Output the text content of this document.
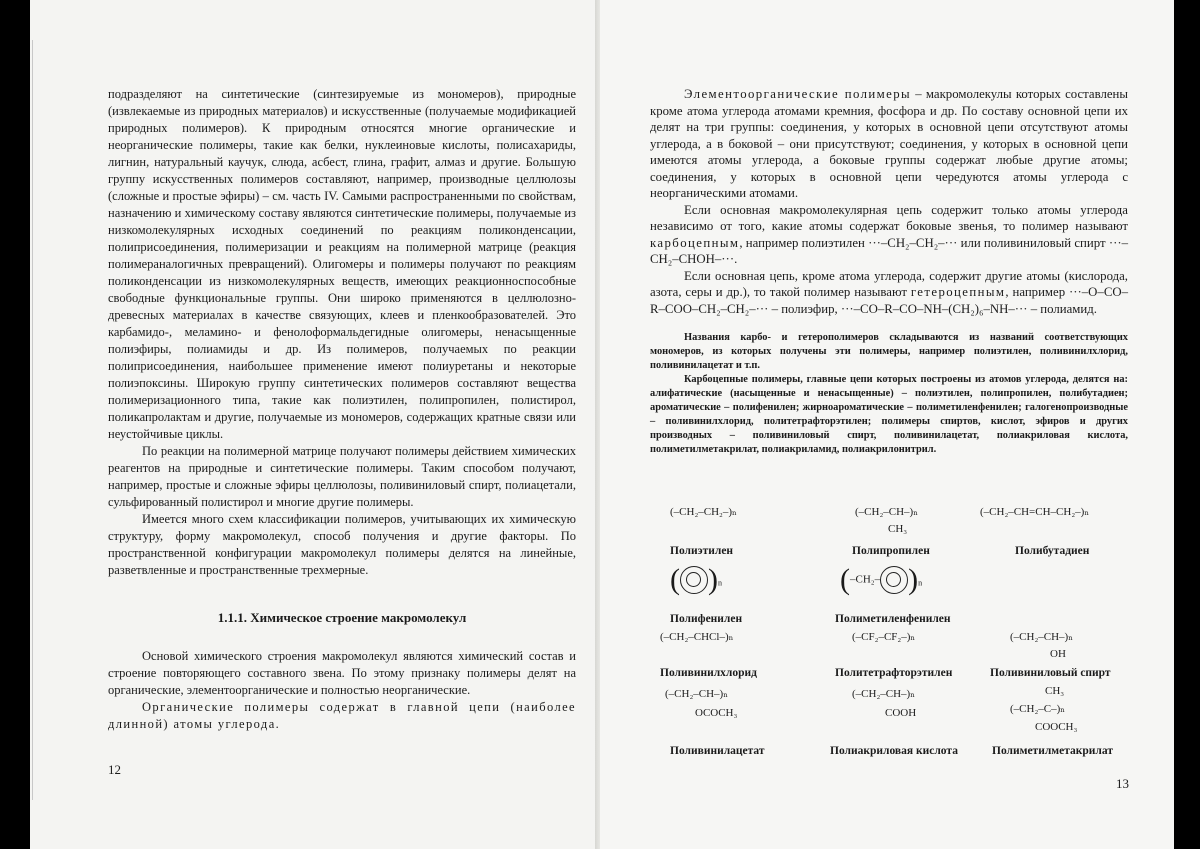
подразделяют на синтетические (синтезируемые из мономеров), природные (извлекаемые из природных материалов) и искусственные (получаемые модификацией природных полимеров). К природным относятся многие органические и неорганические полимеры, такие как белки, нуклеиновые кислоты, полисахариды, лигнин, натуральный каучук, слюда, асбест, глина, графит, алмаз и другие. Большую группу искусственных полимеров составляют, например, производные целлюлозы (сложные и простые эфиры) – см. часть IV. Самыми распространенными по свойствам, назначению и химическому составу являются синтетические полимеры, получаемые из низкомолекулярных исходных соединений по реакциям поликонденсации, полиприсоединения, полимеризации и реакциям на полимерной матрице (реакция полимераналогичных превращений). Олигомеры и полимеры получают по реакциям поликонденсации из низкомолекулярных веществ, имеющих реакционноспособные свободные функциональные группы. Они широко применяются в целлюлозно-древесных материалах в качестве связующих, клеев и пленкообразователей. Это карбамидо-, меламино- и фенолоформальдегидные олигомеры, ненасыщенные полиэфиры, полиамиды и др. Из полимеров, получаемых по реакции полиприсоединения, наибольшее применение имеют полиуретаны и некоторые полиэпоксины. Широкую группу синтетических полимеров составляют вещества полимеризационного типа, такие как полиэтилен, полипропилен, полистирол, поликапролактам и другие, получаемые из мономеров, содержащих кратные связи или неустойчивые циклы.

По реакции на полимерной матрице получают полимеры действием химических реагентов на природные и синтетические полимеры. Таким способом получают, например, простые и сложные эфиры целлюлозы, поливиниловый спирт, полиацетали, сульфированный полистирол и многие другие полимеры.

Имеется много схем классификации полимеров, учитывающих их химическую структуру, форму макромолекул, способ получения и другие факторы. По пространственной конфигурации макромолекул полимеры делятся на линейные, разветвленные и пространственные трехмерные.

1.1.1. Химическое строение макромолекул

Основой химического строения макромолекул являются химический состав и строение повторяющего составного звена. По этому признаку полимеры делят на органические, элементоорганические и полностью неорганические.

Органические полимеры содержат в главной цепи (наиболее длинной) атомы углерода.

12

Элементоорганические полимеры – макромолекулы которых составлены кроме атома углерода атомами кремния, фосфора и др. По составу основной цепи их делят на три группы: соединения, у которых в основной цепи отсутствуют атомы углерода, а в боковой – они присутствуют; соединения, у которых в основной цепи имеются атомы углерода, а боковые группы содержат любые другие атомы; соединения, у которых в основной цепи чередуются атомы углерода с неорганическими атомами.

Если основная макромолекулярная цепь содержит только атомы углерода независимо от того, какие атомы содержат боковые звенья, то полимер называют карбоцепным, например полиэтилен ···–CH₂–CH₂–··· или поливиниловый спирт ···–CH₂–CHOH–···.

Если основная цепь, кроме атома углерода, содержит другие атомы (кислорода, азота, серы и др.), то такой полимер называют гетероцепным, например ···–O–CO–R–COO–CH₂–CH₂–··· – полиэфир, ···–CO–R–CO–NH–(CH₂)₆–NH–··· – полиамид.

Названия карбо- и гетерополимеров складываются из названий соответствующих мономеров, из которых получены эти полимеры, например полиэтилен, поливинилхлорид, поливинилацетат и т.п.

Карбоцепные полимеры, главные цепи которых построены из атомов углерода, делятся на: алифатические (насыщенные и ненасыщенные) – полиэтилен, полипропилен, полибутадиен; ароматические – полифенилен; жирноароматические – полиметиленфенилен; галогенопроизводные – поливинилхлорид, политетрафторэтилен; полимеры спиртов, кислот, эфиров и других производных – поливиниловый спирт, поливинилацетат, полиакриловая кислота, полиметилметакрилат, полиакриламид, полиакрилонитрил.

(–CH₂–CH₂–)ₙ
Полиэтилен
(–CH₂–CH–)ₙ
CH₃
Полипропилен
(–CH₂–CH=CH–CH₂–)ₙ
Полибутадиен
( )$_n$
Полифенилен
(–CH₂– )$_n$
Полиметиленфенилен
(–CH₂–CHCl–)ₙ
Поливинилхлорид
(–CF₂–CF₂–)ₙ
Политетрафторэтилен
(–CH₂–CH–)ₙ
OH
Поливиниловый спирт
(–CH₂–CH–)ₙ
OCOCH₃
Поливинилацетат
(–CH₂–CH–)ₙ
COOH
Полиакриловая кислота
CH₃
(–CH₂–C–)ₙ
COOCH₃
Полиметилметакрилат
13
